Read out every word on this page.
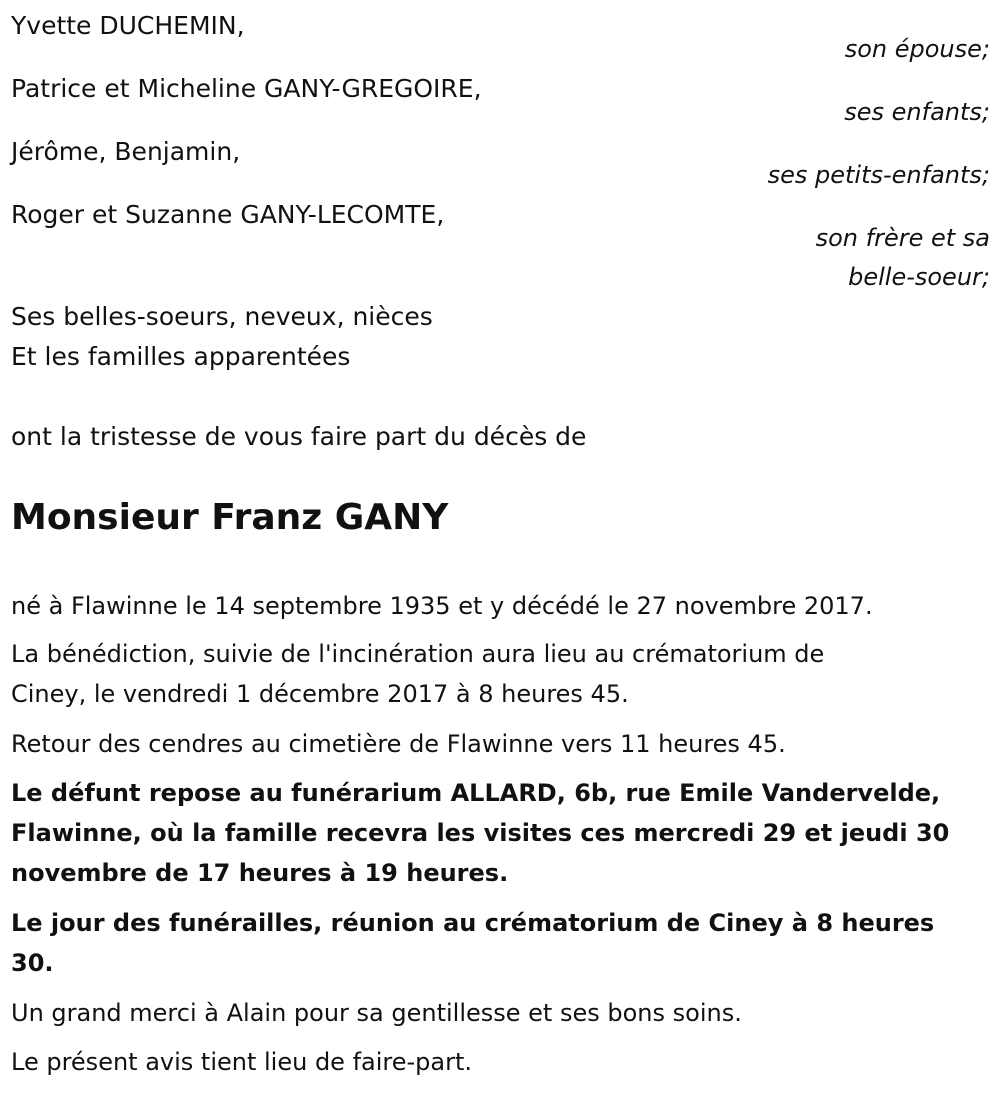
Yvette DUCHEMIN,
son épouse;
Patrice et Micheline GANY-GREGOIRE,
ses enfants;
Jérôme, Benjamin,
ses petits-enfants;
Roger et Suzanne GANY-LECOMTE,
son frère et sa
belle-soeur;
Ses belles-soeurs, neveux, nièces
Et les familles apparentées
ont la tristesse de vous faire part du décès de
Monsieur Franz GANY
né à Flawinne le 14 septembre 1935 et y décédé le 27 novembre 2017.
La bénédiction, suivie de l'incinération aura lieu au crématorium de
Ciney, le vendredi 1 décembre 2017 à 8 heures 45.
Retour des cendres au cimetière de Flawinne vers 11 heures 45.
Le défunt repose au funérarium ALLARD, 6b, rue Emile Vandervelde,
Flawinne, où la famille recevra les visites ces mercredi 29 et jeudi 30
novembre de 17 heures à 19 heures.
Le jour des funérailles, réunion au crématorium de Ciney à 8 heures
30.
Un grand merci à Alain pour sa gentillesse et ses bons soins.
Le présent avis tient lieu de faire-part.
